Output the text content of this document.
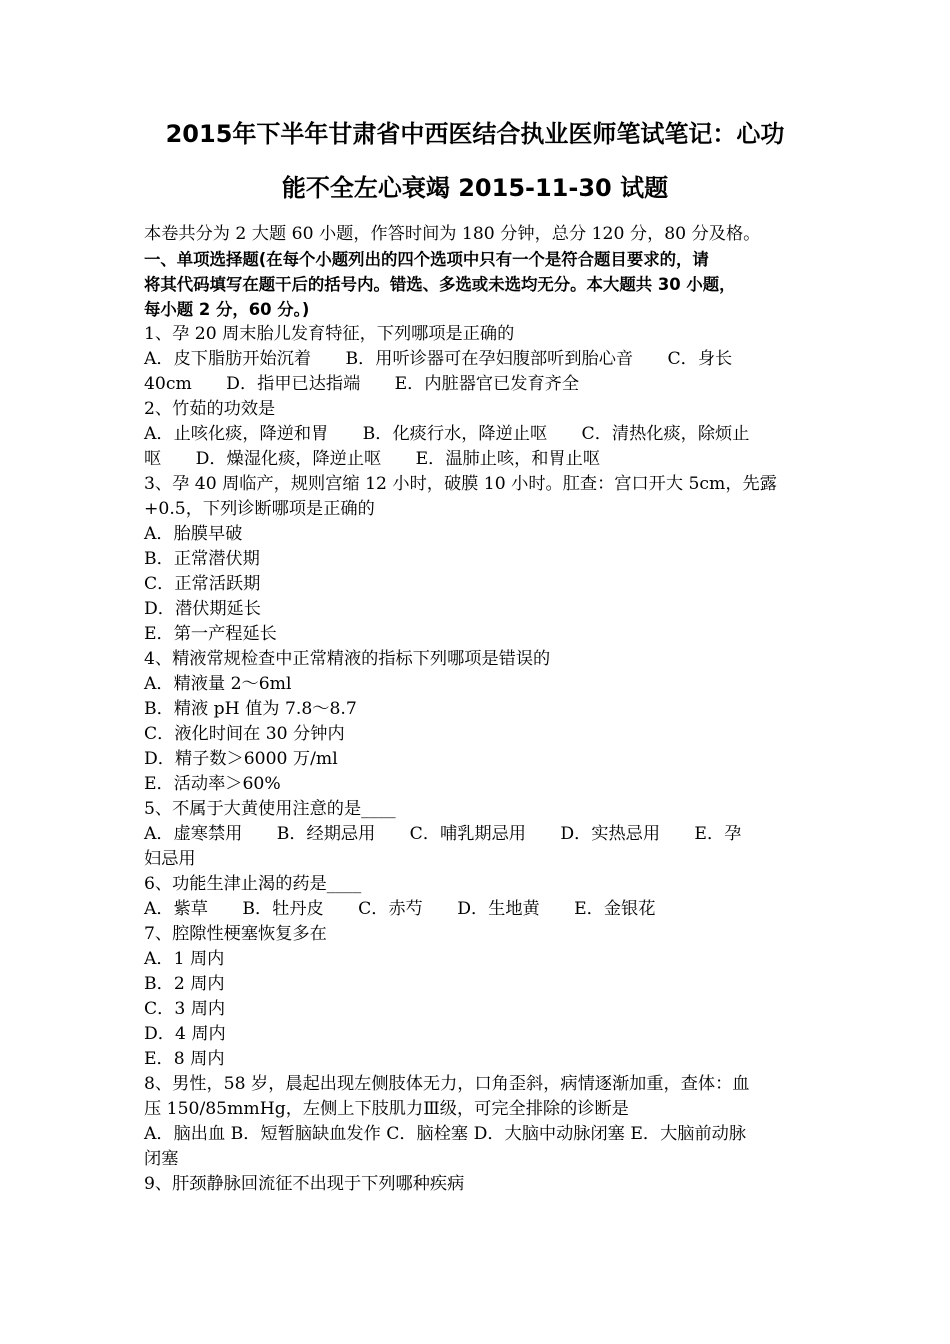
2015年下半年甘肃省中西医结合执业医师笔试笔记：心功
能不全左心衰竭 2015-11-30 试题
本卷共分为 2 大题 60 小题，作答时间为 180 分钟，总分 120 分，80 分及格。
一、单项选择题(在每个小题列出的四个选项中只有一个是符合题目要求的，请
将其代码填写在题干后的括号内。错选、多选或未选均无分。本大题共 30 小题，
每小题 2 分，60 分。)
1、孕 20 周末胎儿发育特征，下列哪项是正确的
A．皮下脂肪开始沉着　　B．用听诊器可在孕妇腹部听到胎心音　　C．身长
40cm　　D．指甲已达指端　　E．内脏器官已发育齐全
2、竹茹的功效是
A．止咳化痰，降逆和胃　　B．化痰行水，降逆止呕　　C．清热化痰，除烦止
呕　　D．燥湿化痰，降逆止呕　　E．温肺止咳，和胃止呕
3、孕 40 周临产，规则宫缩 12 小时，破膜 10 小时。肛查：宫口开大 5cm，先露
+0.5，下列诊断哪项是正确的
A．胎膜早破
B．正常潜伏期
C．正常活跃期
D．潜伏期延长
E．第一产程延长
4、精液常规检查中正常精液的指标下列哪项是错误的
A．精液量 2～6ml
B．精液 pH 值为 7.8～8.7
C．液化时间在 30 分钟内
D．精子数＞6000 万/ml
E．活动率＞60%
5、不属于大黄使用注意的是____
A．虚寒禁用　　B．经期忌用　　C．哺乳期忌用　　D．实热忌用　　E．孕
妇忌用
6、功能生津止渴的药是____
A．紫草　　B．牡丹皮　　C．赤芍　　D．生地黄　　E．金银花
7、腔隙性梗塞恢复多在
A．1 周内
B．2 周内
C．3 周内
D．4 周内
E．8 周内
8、男性，58 岁，晨起出现左侧肢体无力，口角歪斜，病情逐渐加重，查体：血
压 150/85mmHg，左侧上下肢肌力Ⅲ级，可完全排除的诊断是
A．脑出血 B．短暂脑缺血发作 C．脑栓塞 D．大脑中动脉闭塞 E．大脑前动脉
闭塞
9、肝颈静脉回流征不出现于下列哪种疾病
